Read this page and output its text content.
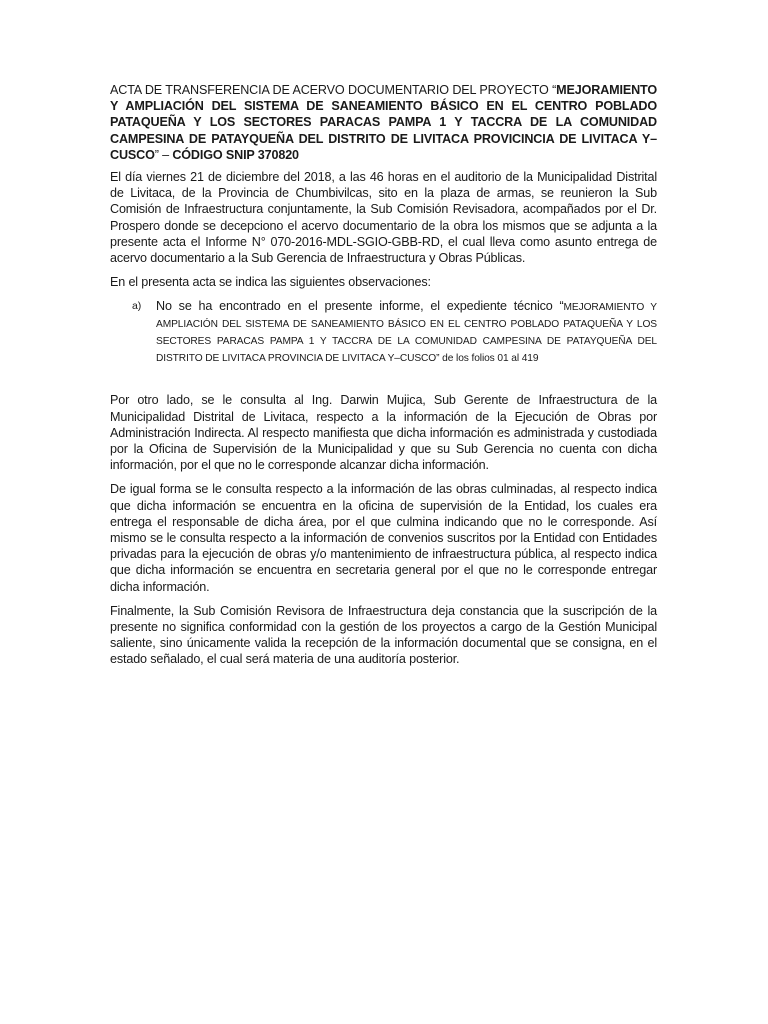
ACTA DE TRANSFERENCIA DE ACERVO DOCUMENTARIO DEL PROYECTO “MEJORAMIENTO Y AMPLIACIÓN DEL SISTEMA DE SANEAMIENTO BÁSICO EN EL CENTRO POBLADO PATAQUEÑA Y LOS SECTORES PARACAS PAMPA 1 Y TACCRA DE LA COMUNIDAD CAMPESINA DE PATAYQUEÑA DEL DISTRITO DE LIVITACA PROVICINCIA DE LIVITACA Y–CUSCO” – CÓDIGO SNIP 370820

El día viernes 21 de diciembre del 2018, a las 46 horas en el auditorio de la Municipalidad Distrital de Livitaca, de la Provincia de Chumbivilcas, sito en la plaza de armas, se reunieron la Sub Comisión de Infraestructura conjuntamente, la Sub Comisión Revisadora, acompañados por el Dr. Prospero donde se decepciono el acervo documentario de la obra los mismos que se adjunta a la presente acta el Informe N° 070-2016-MDL-SGIO-GBB-RD, el cual lleva como asunto entrega de acervo documentario a la Sub Gerencia de Infraestructura y Obras Públicas.

En el presenta acta se indica las siguientes observaciones:

a) No se ha encontrado en el presente informe, el expediente técnico “MEJORAMIENTO Y AMPLIACIÓN DEL SISTEMA DE SANEAMIENTO BÁSICO EN EL CENTRO POBLADO PATAQUEÑA Y LOS SECTORES PARACAS PAMPA 1 Y TACCRA DE LA COMUNIDAD CAMPESINA DE PATAYQUEÑA DEL DISTRITO DE LIVITACA PROVINCIA DE LIVITACA Y–CUSCO” de los folios 01 al 419

Por otro lado, se le consulta al Ing. Darwin Mujica, Sub Gerente de Infraestructura de la Municipalidad Distrital de Livitaca, respecto a la información de la Ejecución de Obras por Administración Indirecta. Al respecto manifiesta que dicha información es administrada y custodiada por la Oficina de Supervisión de la Municipalidad y que su Sub Gerencia no cuenta con dicha información, por el que no le corresponde alcanzar dicha información.

De igual forma se le consulta respecto a la información de las obras culminadas, al respecto indica que dicha información se encuentra en la oficina de supervisión de la Entidad, los cuales era entrega el responsable de dicha área, por el que culmina indicando que no le corresponde. Así mismo se le consulta respecto a la información de convenios suscritos por la Entidad con Entidades privadas para la ejecución de obras y/o mantenimiento de infraestructura pública, al respecto indica que dicha información se encuentra en secretaria general por el que no le corresponde entregar dicha información.

Finalmente, la Sub Comisión Revisora de Infraestructura deja constancia que la suscripción de la presente no significa conformidad con la gestión de los proyectos a cargo de la Gestión Municipal saliente, sino únicamente valida la recepción de la información documental que se consigna, en el estado señalado, el cual será materia de una auditoría posterior.
